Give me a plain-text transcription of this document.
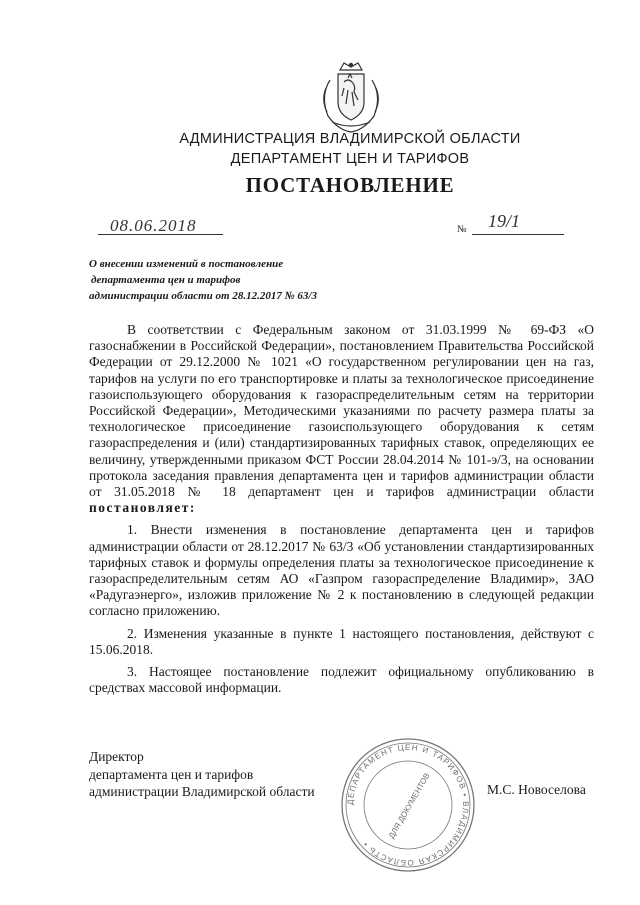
АДМИНИСТРАЦИЯ ВЛАДИМИРСКОЙ ОБЛАСТИ
ДЕПАРТАМЕНТ ЦЕН И ТАРИФОВ
ПОСТАНОВЛЕНИЕ
08.06.2018	№ 19/1
О внесении изменений в постановление
департамента цен и тарифов
администрации области от 28.12.2017 № 63/3

В соответствии с Федеральным законом от 31.03.1999 № 69-ФЗ «О газоснабжении в Российской Федерации», постановлением Правительства Российской Федерации от 29.12.2000 № 1021 «О государственном регулировании цен на газ, тарифов на услуги по его транспортировке и платы за технологическое присоединение газоиспользующего оборудования к газораспределительным сетям на территории Российской Федерации», Методическими указаниями по расчету размера платы за технологическое присоединение газоиспользующего оборудования к сетям газораспределения и (или) стандартизированных тарифных ставок, определяющих ее величину, утвержденными приказом ФСТ России 28.04.2014 № 101-э/3, на основании протокола заседания правления департамента цен и тарифов администрации области от 31.05.2018 № 18 департамент цен и тарифов администрации области постановляет:

1. Внести изменения в постановление департамента цен и тарифов администрации области от 28.12.2017 № 63/3 «Об установлении стандартизированных тарифных ставок и формулы определения платы за технологическое присоединение к газораспределительным сетям АО «Газпром газораспределение Владимир», ЗАО «Радугаэнерго», изложив приложение № 2 к постановлению в следующей редакции согласно приложению.

2. Изменения указанные в пункте 1 настоящего постановления, действуют с 15.06.2018.

3. Настоящее постановление подлежит официальному опубликованию в средствах массовой информации.

Директор
департамента цен и тарифов
администрации Владимирской области	М.С. Новоселова
ДЕПАРТАМЕНТ ЦЕН И ТАРИФОВ • ВЛАДИМИРСКАЯ ОБЛАСТЬ •
ДЛЯ ДОКУМЕНТОВ
